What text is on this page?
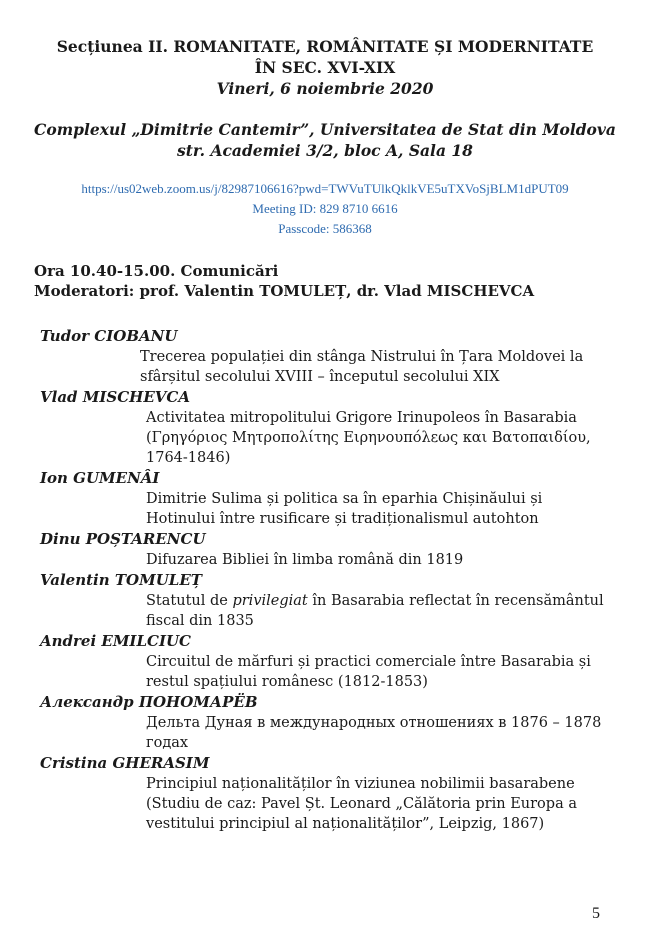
Secțiunea II. ROMANITATE, ROMÂNITATE ȘI MODERNITATE
ÎN SEC. XVI-XIX
Vineri, 6 noiembrie 2020
Complexul „Dimitrie Cantemir”, Universitatea de Stat din Moldova
str. Academiei 3/2, bloc A, Sala 18
https://us02web.zoom.us/j/82987106616?pwd=TWVuTUlkQklkVE5uTXVoSjBLM1dPUT09
Meeting ID: 829 8710 6616
Passcode: 586368
Ora 10.40-15.00. Comunicări
Moderatori: prof. Valentin TOMULEȚ, dr. Vlad MISCHEVCA
Tudor CIOBANU
Trecerea populației din stânga Nistrului în Țara Moldovei la sfârșitul secolului XVIII – începutul secolului XIX
Vlad MISCHEVCA
Activitatea mitropolitului Grigore Irinupoleos în Basarabia (Γρηγόριος Μητροπολίτης Ειρηνουπόλεως και Βατοπαιδίου, 1764-1846)
Ion GUMENÂI
Dimitrie Sulima și politica sa în eparhia Chișinăului și Hotinului între rusificare și tradiționalismul autohton
Dinu POȘTARENCU
Difuzarea Bibliei în limba română din 1819
Valentin TOMULEȚ
Statutul de privilegiat în Basarabia reflectat în recensământul fiscal din 1835
Andrei EMILCIUC
Circuitul de mărfuri și practici comerciale între Basarabia și restul spațiului românesc (1812-1853)
Александр ПОНОМАРЁВ
Дельта Дуная в международных отношениях в 1876 – 1878 годах
Cristina GHERASIM
Principiul naționalităților în viziunea nobilimii basarabene (Studiu de caz: Pavel Șt. Leonard „Călătoria prin Europa a vestitului principiul al naționalităților”, Leipzig, 1867)
5
